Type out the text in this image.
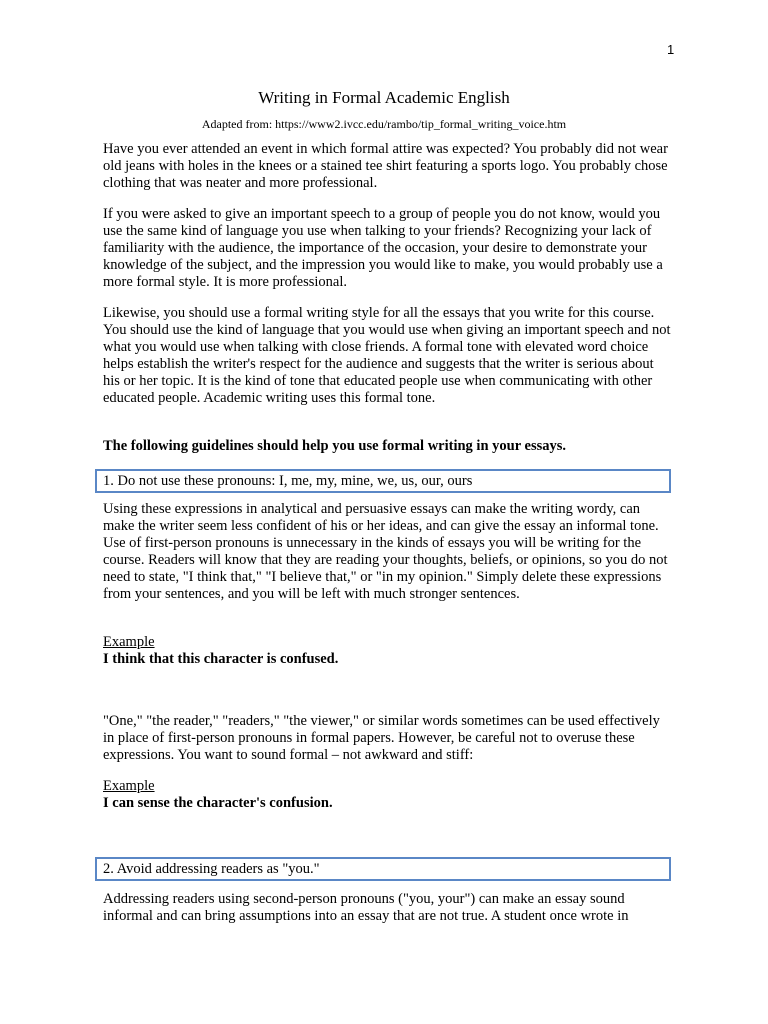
1
Writing in Formal Academic English
Adapted from: https://www2.ivcc.edu/rambo/tip_formal_writing_voice.htm

Have you ever attended an event in which formal attire was expected? You probably did not wear old jeans with holes in the knees or a stained tee shirt featuring a sports logo. You probably chose clothing that was neater and more professional.

If you were asked to give an important speech to a group of people you do not know, would you use the same kind of language you use when talking to your friends? Recognizing your lack of familiarity with the audience, the importance of the occasion, your desire to demonstrate your knowledge of the subject, and the impression you would like to make, you would probably use a more formal style. It is more professional.

Likewise, you should use a formal writing style for all the essays that you write for this course. You should use the kind of language that you would use when giving an important speech and not what you would use when talking with close friends. A formal tone with elevated word choice helps establish the writer's respect for the audience and suggests that the writer is serious about his or her topic. It is the kind of tone that educated people use when communicating with other educated people. Academic writing uses this formal tone.

The following guidelines should help you use formal writing in your essays.

1. Do not use these pronouns: I, me, my, mine, we, us, our, ours

Using these expressions in analytical and persuasive essays can make the writing wordy, can make the writer seem less confident of his or her ideas, and can give the essay an informal tone. Use of first-person pronouns is unnecessary in the kinds of essays you will be writing for the course. Readers will know that they are reading your thoughts, beliefs, or opinions, so you do not need to state, "I think that," "I believe that," or "in my opinion." Simply delete these expressions from your sentences, and you will be left with much stronger sentences.

Example

I think that this character is confused.

"One," "the reader," "readers," "the viewer," or similar words sometimes can be used effectively in place of first-person pronouns in formal papers. However, be careful not to overuse these expressions. You want to sound formal – not awkward and stiff:

Example

I can sense the character's confusion.

2. Avoid addressing readers as "you."

Addressing readers using second-person pronouns ("you, your") can make an essay sound informal and can bring assumptions into an essay that are not true. A student once wrote in
